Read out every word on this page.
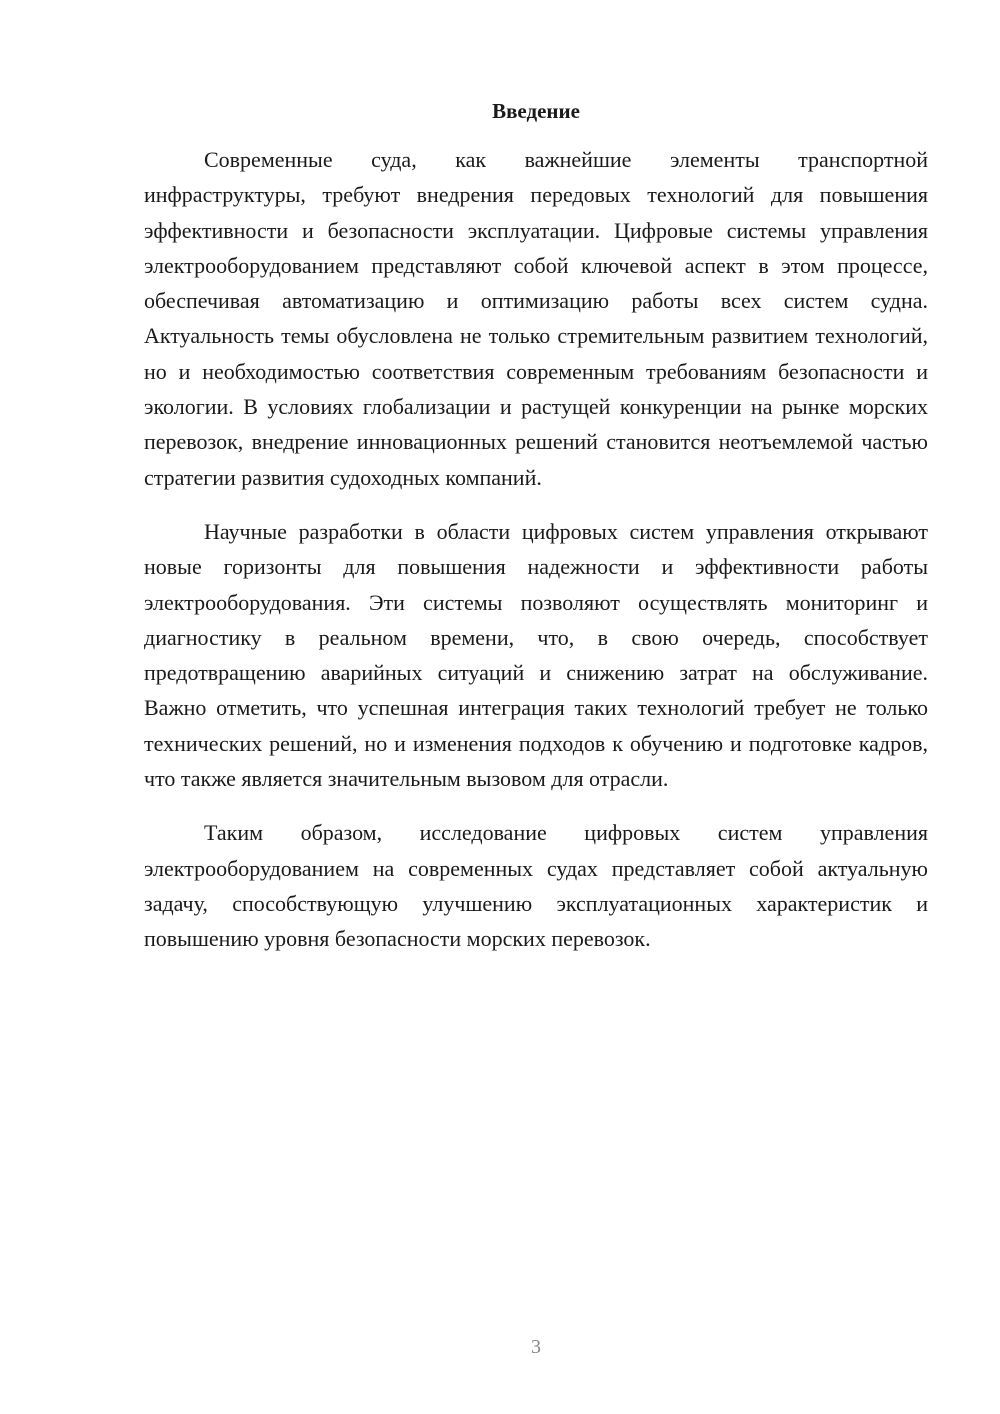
Введение

Современные суда, как важнейшие элементы транспортной инфраструктуры, требуют внедрения передовых технологий для повышения эффективности и безопасности эксплуатации. Цифровые системы управления электрооборудованием представляют собой ключевой аспект в этом процессе, обеспечивая автоматизацию и оптимизацию работы всех систем судна. Актуальность темы обусловлена не только стремительным развитием технологий, но и необходимостью соответствия современным требованиям безопасности и экологии. В условиях глобализации и растущей конкуренции на рынке морских перевозок, внедрение инновационных решений становится неотъемлемой частью стратегии развития судоходных компаний.

Научные разработки в области цифровых систем управления открывают новые горизонты для повышения надежности и эффективности работы электрооборудования. Эти системы позволяют осуществлять мониторинг и диагностику в реальном времени, что, в свою очередь, способствует предотвращению аварийных ситуаций и снижению затрат на обслуживание. Важно отметить, что успешная интеграция таких технологий требует не только технических решений, но и изменения подходов к обучению и подготовке кадров, что также является значительным вызовом для отрасли.

Таким образом, исследование цифровых систем управления электрооборудованием на современных судах представляет собой актуальную задачу, способствующую улучшению эксплуатационных характеристик и повышению уровня безопасности морских перевозок.

3
